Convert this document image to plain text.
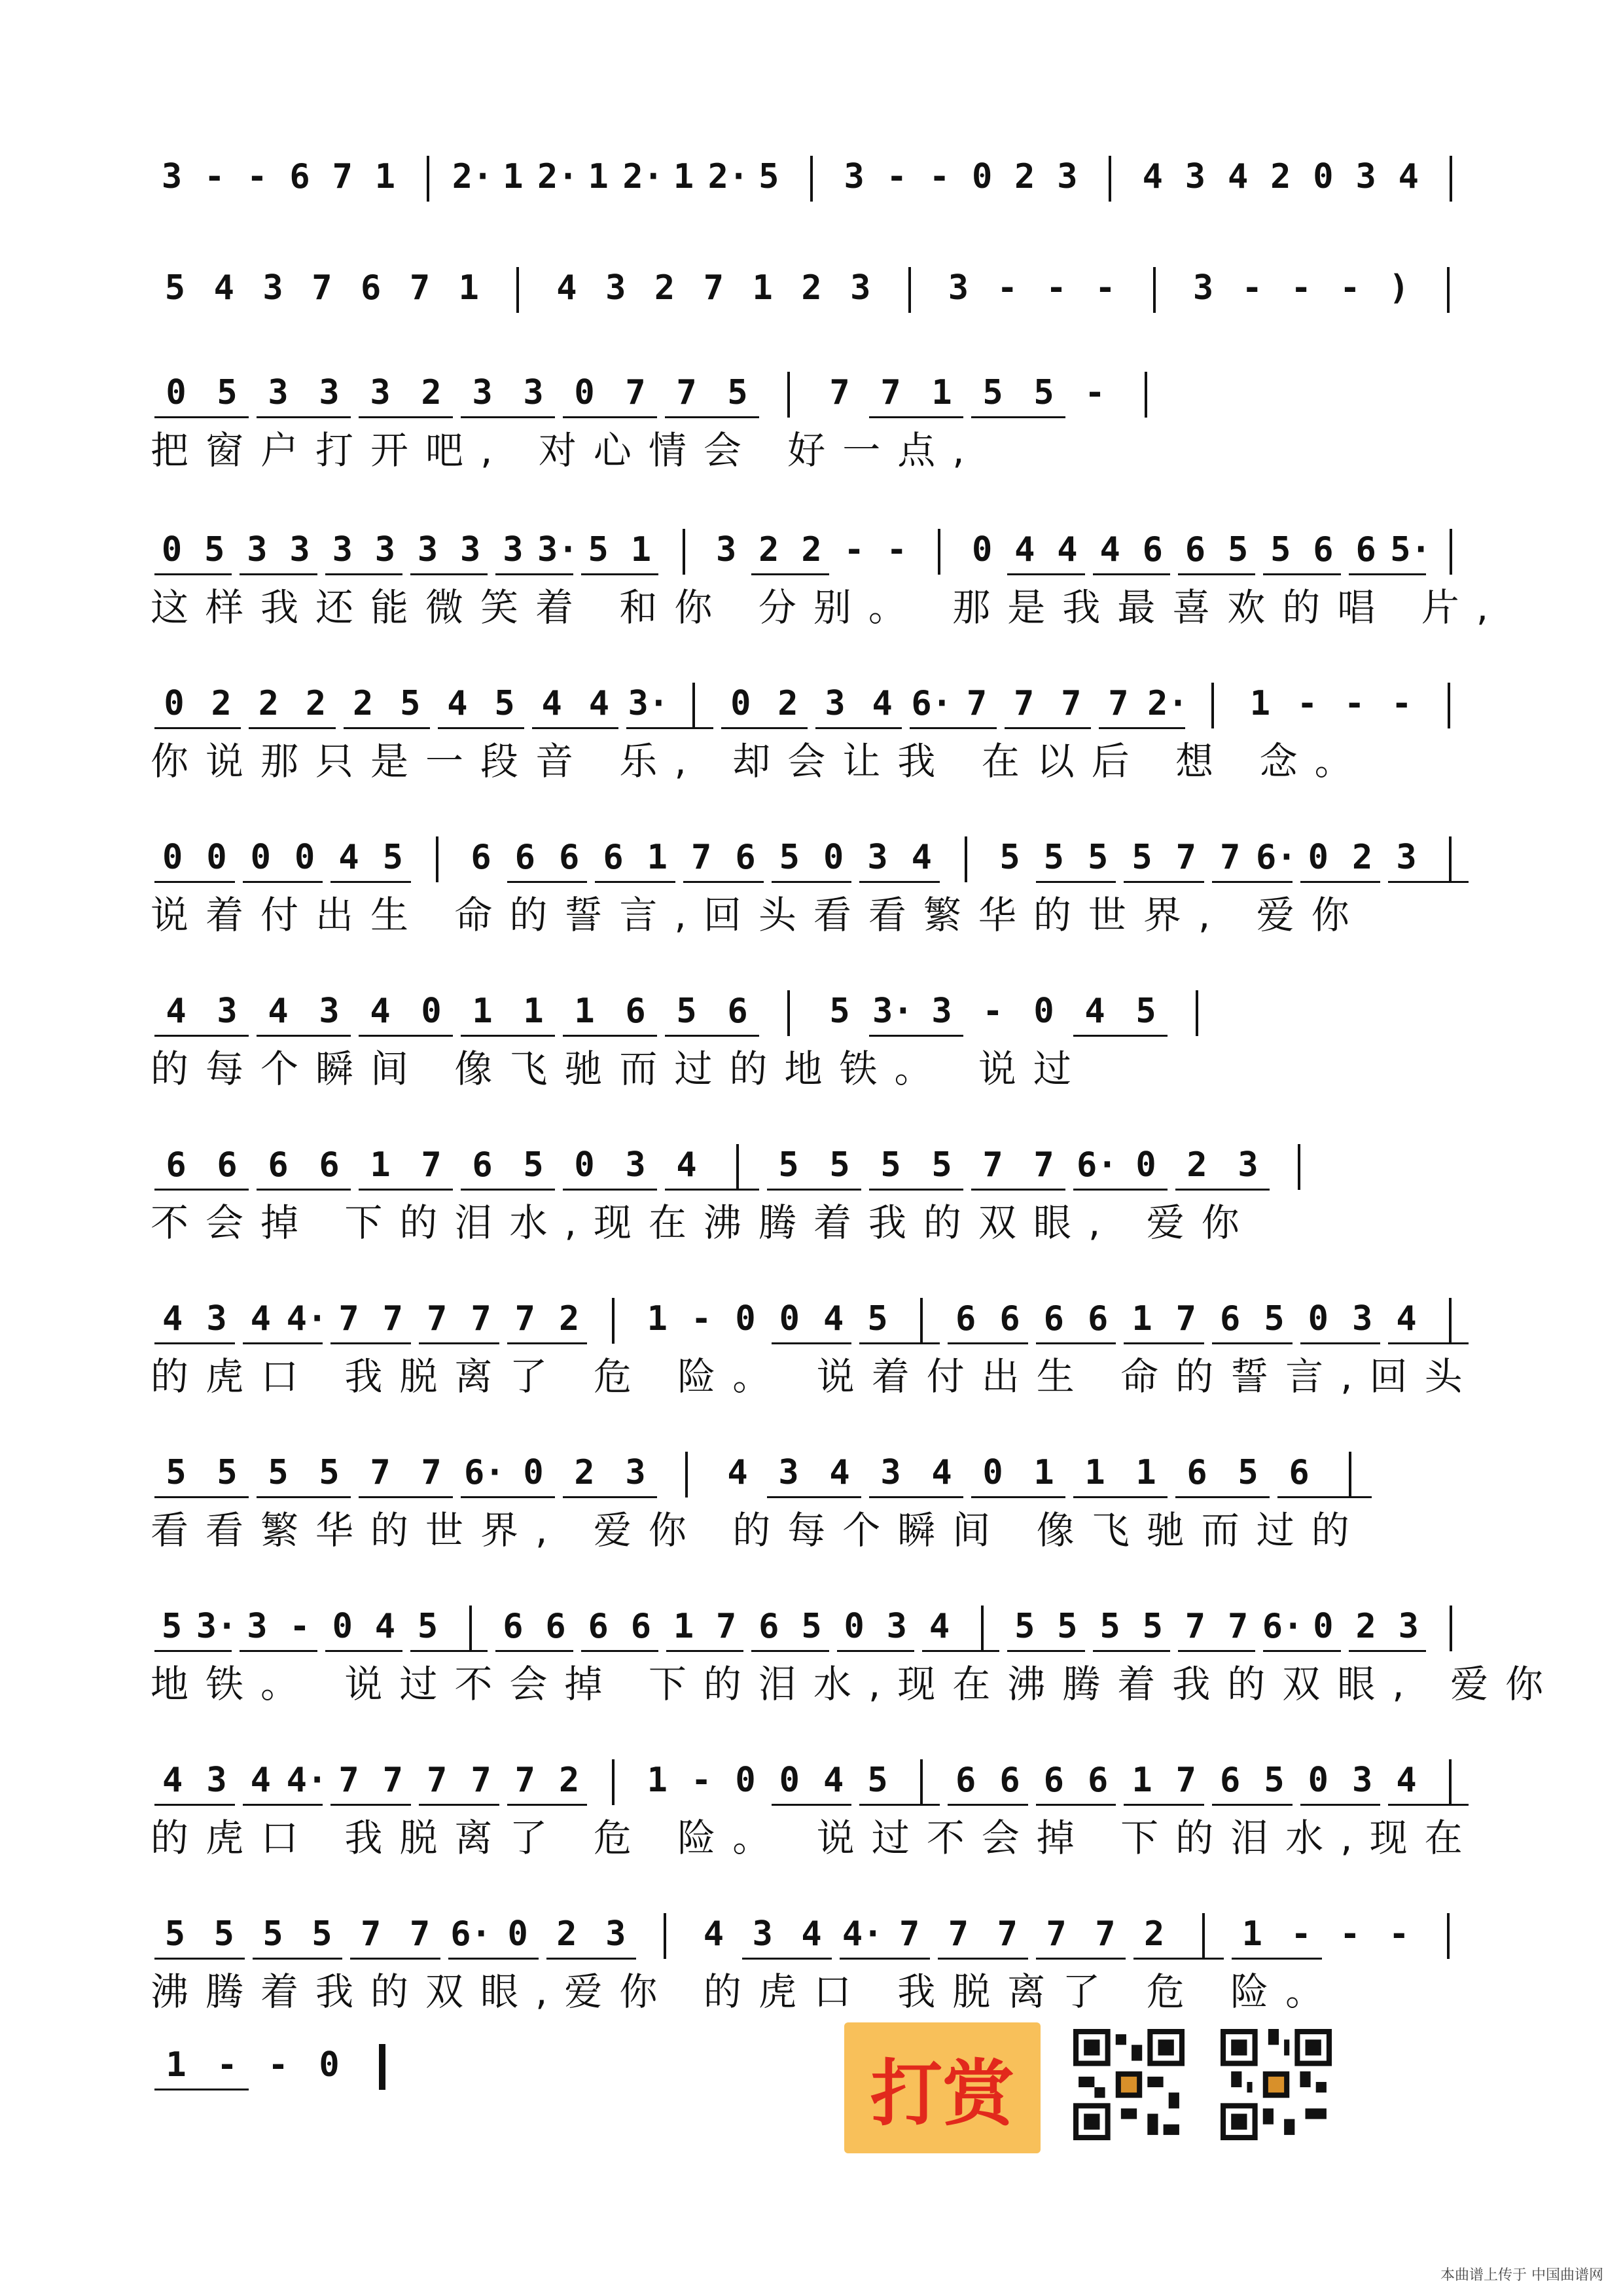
3 - - 6 7 1 2· 1 2· 1 2· 1 2· 5 3 - - 0 2 3 4 3 4 2 0 3 4
5 4 3 7 6 7 1 4 3 2 7 1 2 3 3 - - - 3 - - - )
0 5 3 3 3 2 3 3 0 7 7 5 7 7 1 5 5 -
把窗户打开吧, 对心情会 好一点,
0 5 3 3 3 3 3 3 3 3· 5 1 3 2 2 - - 0 4 4 4 6 6 5 5 6 6 5·
这样我还能微笑着 和你 分别。 那是我最喜欢的唱 片,
0 2 2 2 2 5 4 5 4 4 3· 0 2 3 4 6· 7 7 7 7 2· 1 - - -
你说那只是一段音 乐, 却会让我 在以后 想 念。
0 0 0 0 4 5 6 6 6 6 1 7 6 5 0 3 4 5 5 5 5 7 7 6· 0 2 3
说着付出生 命的誓言,回头看看繁华的世界, 爱你
4 3 4 3 4 0 1 1 1 6 5 6 5 3· 3 - 0 4 5
的每个瞬间 像飞驰而过的地铁。 说过
6 6 6 6 1 7 6 5 0 3 4 5 5 5 5 7 7 6· 0 2 3
不会掉 下的泪水,现在沸腾着我的双眼, 爱你
4 3 4 4· 7 7 7 7 7 2 1 - 0 0 4 5 6 6 6 6 1 7 6 5 0 3 4
的虎口 我脱离了 危 险。 说着付出生 命的誓言,回头
5 5 5 5 7 7 6· 0 2 3 4 3 4 3 4 0 1 1 1 6 5 6
看看繁华的世界, 爱你 的每个瞬间 像飞驰而过的
5 3· 3 - 0 4 5 6 6 6 6 1 7 6 5 0 3 4 5 5 5 5 7 7 6· 0 2 3
地铁。 说过不会掉 下的泪水,现在沸腾着我的双眼, 爱你
4 3 4 4· 7 7 7 7 7 2 1 - 0 0 4 5 6 6 6 6 1 7 6 5 0 3 4
的虎口 我脱离了 危 险。 说过不会掉 下的泪水,现在
5 5 5 5 7 7 6· 0 2 3 4 3 4 4· 7 7 7 7 7 2 1 - - -
沸腾着我的双眼,爱你 的虎口 我脱离了 危 险。
1 - - 0	打赏
本曲谱上传于 中国曲谱网
